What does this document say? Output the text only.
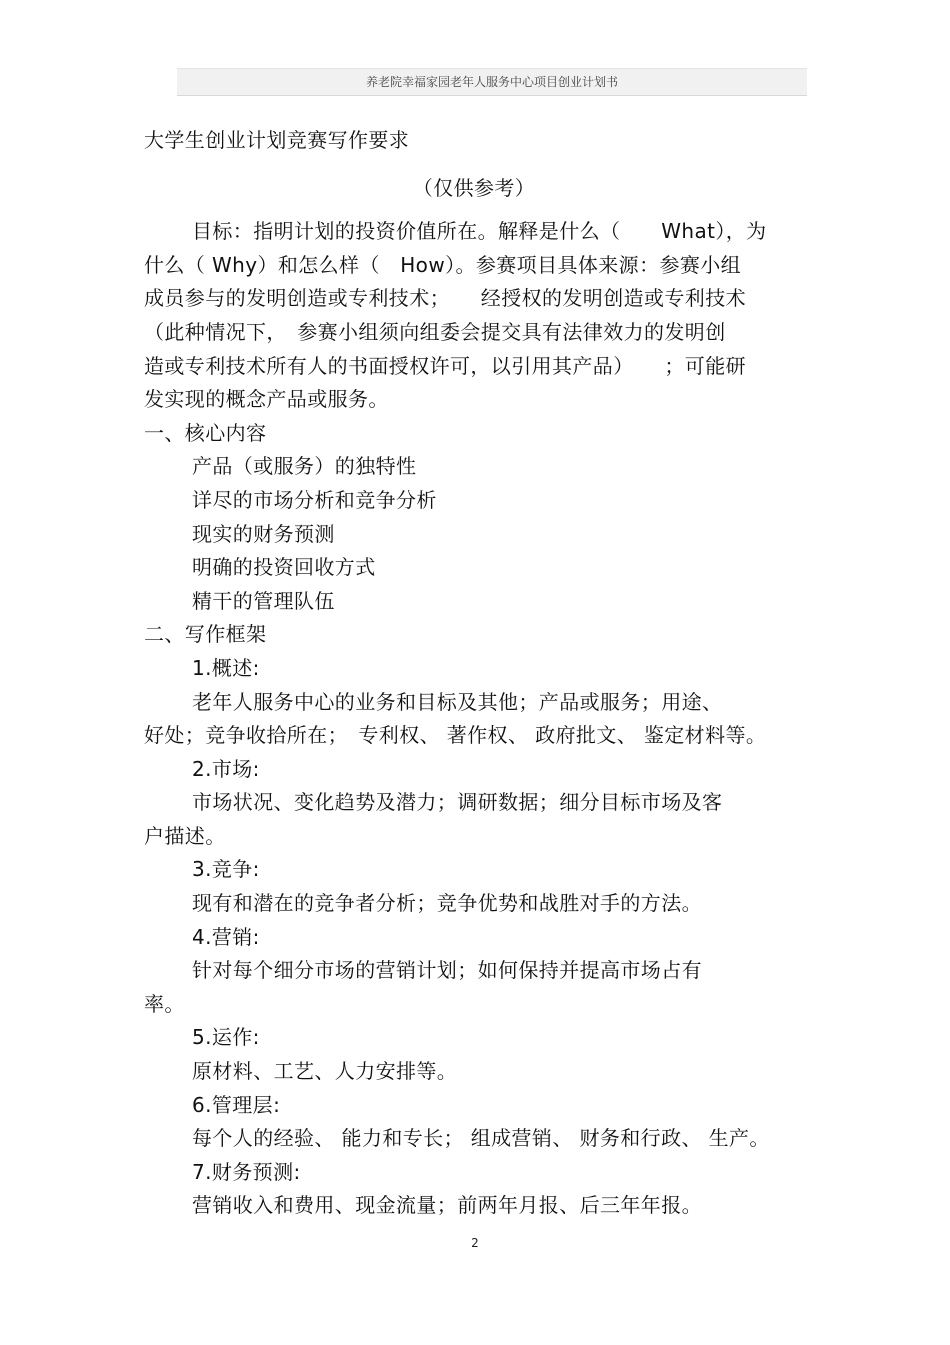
养老院幸福家园老年人服务中心项目创业计划书
大学生创业计划竞赛写作要求
（仅供参考）
目标：指明计划的投资价值所在。解释是什么（　　What），为
什么（ Why）和怎么样（　How）。参赛项目具体来源：参赛小组
成员参与的发明创造或专利技术；　　经授权的发明创造或专利技术
（此种情况下，　参赛小组须向组委会提交具有法律效力的发明创
造或专利技术所有人的书面授权许可，以引用其产品）　　；可能研
发实现的概念产品或服务。
一、核心内容
产品（或服务）的独特性
详尽的市场分析和竞争分析
现实的财务预测
明确的投资回收方式
精干的管理队伍
二、写作框架
1.概述:
老年人服务中心的业务和目标及其他；产品或服务；用途、
好处；竞争收拾所在；　专利权、 著作权、 政府批文、 鉴定材料等。
2.市场:
市场状况、变化趋势及潜力；调研数据；细分目标市场及客
户描述。
3.竞争:
现有和潜在的竞争者分析；竞争优势和战胜对手的方法。
4.营销:
针对每个细分市场的营销计划；如何保持并提高市场占有
率。
5.运作:
原材料、工艺、人力安排等。
6.管理层:
每个人的经验、 能力和专长； 组成营销、 财务和行政、 生产。
7.财务预测:
营销收入和费用、现金流量；前两年月报、后三年年报。
2
